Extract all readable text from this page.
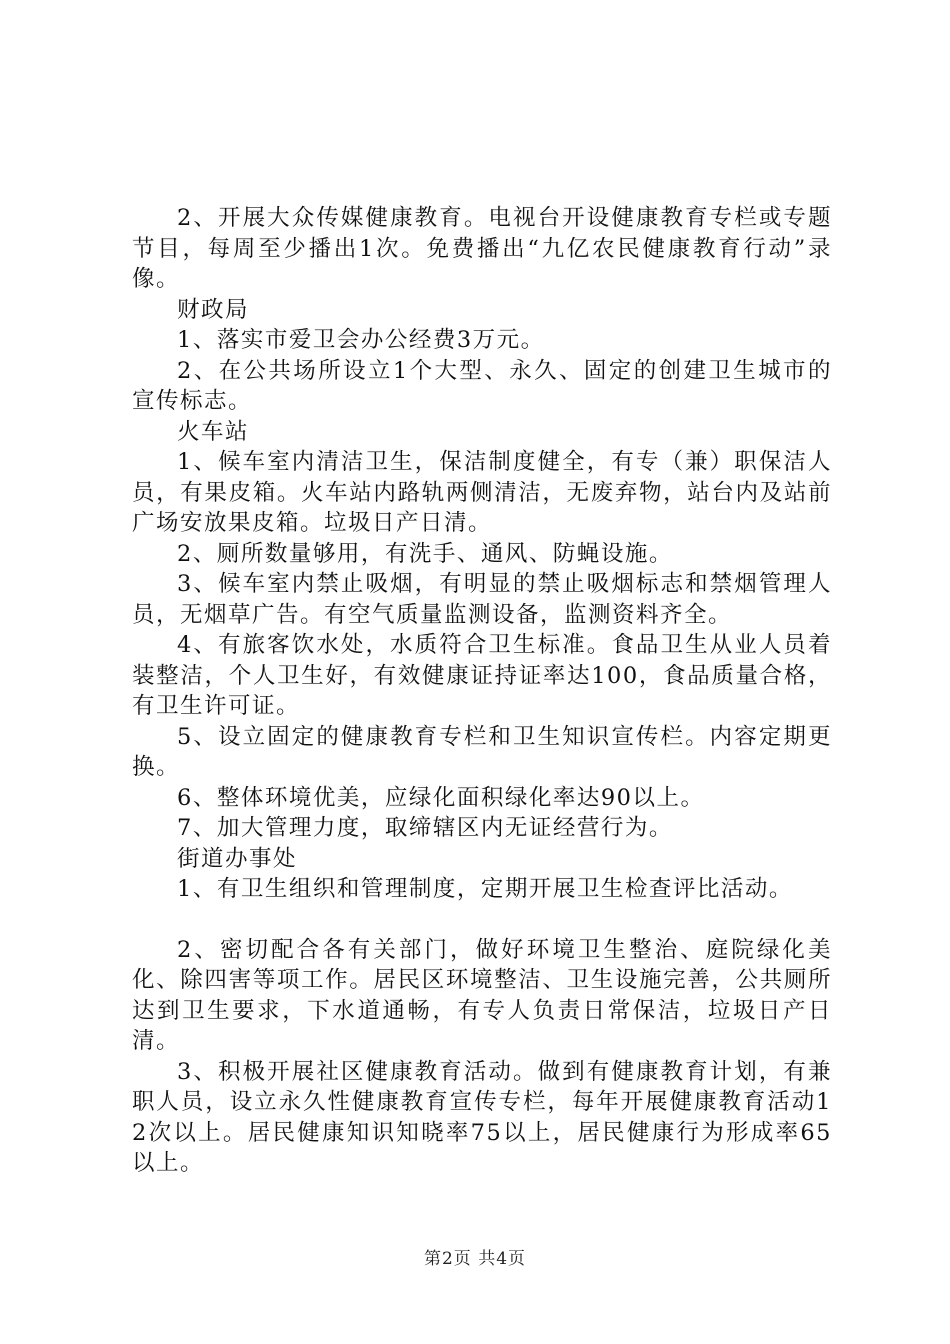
2、开展大众传媒健康教育。电视台开设健康教育专栏或专题节目，每周至少播出1次。免费播出“九亿农民健康教育行动”录像。

财政局

1、落实市爱卫会办公经费3万元。

2、在公共场所设立1个大型、永久、固定的创建卫生城市的宣传标志。

火车站

1、候车室内清洁卫生，保洁制度健全，有专（兼）职保洁人员，有果皮箱。火车站内路轨两侧清洁，无废弃物，站台内及站前广场安放果皮箱。垃圾日产日清。

2、厕所数量够用，有洗手、通风、防蝇设施。

3、候车室内禁止吸烟，有明显的禁止吸烟标志和禁烟管理人员，无烟草广告。有空气质量监测设备，监测资料齐全。

4、有旅客饮水处，水质符合卫生标准。食品卫生从业人员着装整洁，个人卫生好，有效健康证持证率达100，食品质量合格，有卫生许可证。

5、设立固定的健康教育专栏和卫生知识宣传栏。内容定期更换。

6、整体环境优美，应绿化面积绿化率达90以上。

7、加大管理力度，取缔辖区内无证经营行为。

街道办事处

1、有卫生组织和管理制度，定期开展卫生检查评比活动。

2、密切配合各有关部门，做好环境卫生整治、庭院绿化美化、除四害等项工作。居民区环境整洁、卫生设施完善，公共厕所达到卫生要求，下水道通畅，有专人负责日常保洁，垃圾日产日清。

3、积极开展社区健康教育活动。做到有健康教育计划，有兼职人员，设立永久性健康教育宣传专栏，每年开展健康教育活动12次以上。居民健康知识知晓率75以上，居民健康行为形成率65以上。

第2页 共4页
